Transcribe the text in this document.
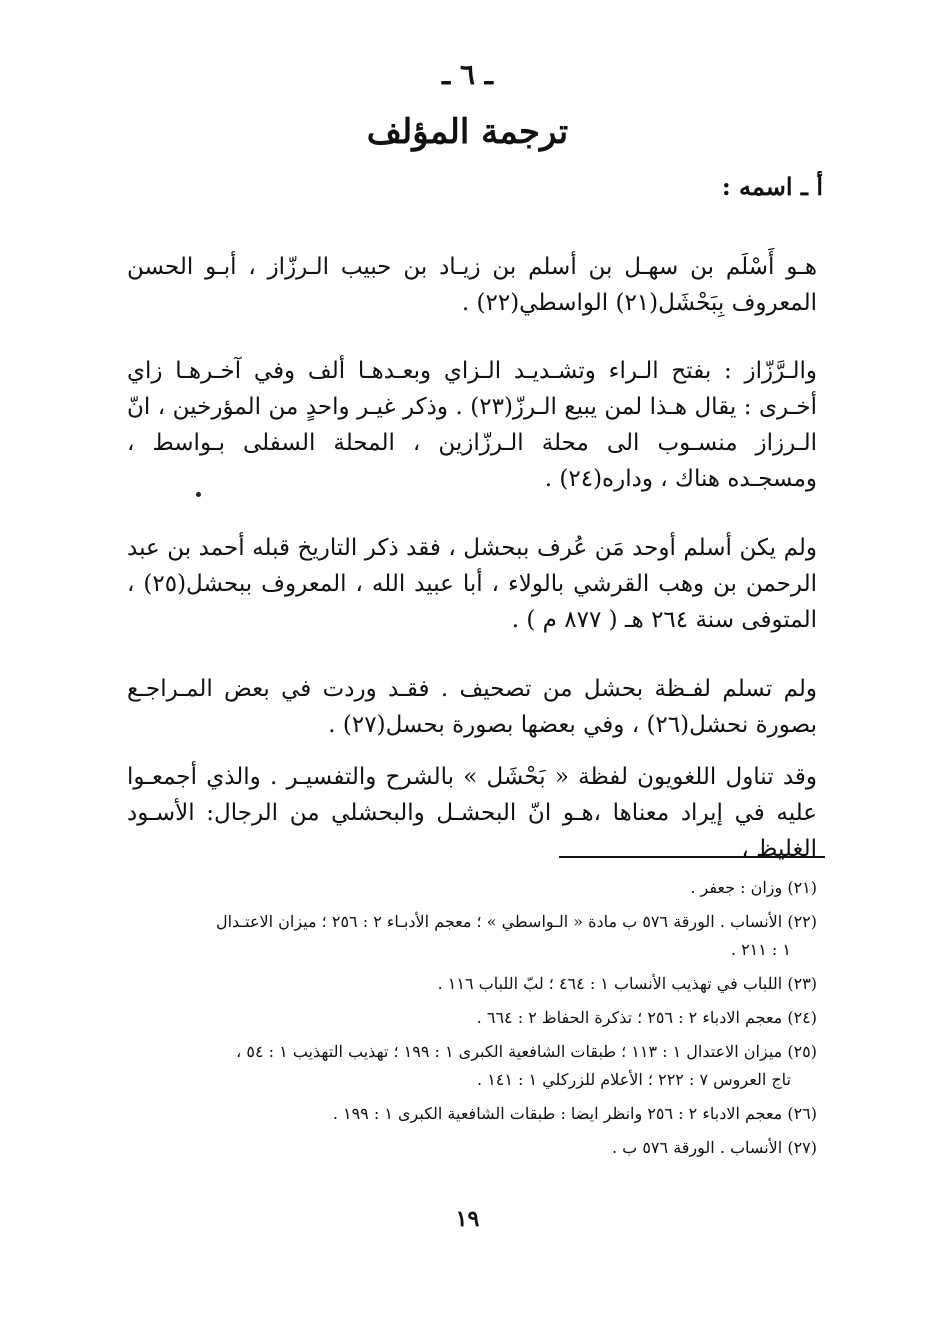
ـ ٦ ـ
ترجمة المؤلف
أ ـ اسمه :

هـو أَسْلَم بن سهـل بن أسلم بن زيـاد بن حبيب الـرزّاز ، أبـو الحسن المعروف بِبَحْشَل(٢١) الواسطي(٢٢) .

والـرَّزّاز : بفتح الـراء وتشـديـد الـزاي وبعـدهـا ألف وفي آخـرهـا زاي أخـرى : يقال هـذا لمن يبيع الـرزّ(٢٣) . وذكر غيـر واحدٍ من المؤرخين ، انّ الـرزاز منسـوب الى محلة الـرزّازين ، المحلة السفلى بـواسط ، ومسجـده هناك ، وداره(٢٤) .

ولم يكن أسلم أوحد مَن عُرف ببحشل ، فقد ذكر التاريخ قبله أحمد بن عبد الرحمن بن وهب القرشي بالولاء ، أبا عبيد الله ، المعروف ببحشل(٢٥) ، المتوفى سنة ٢٦٤ هـ ( ٨٧٧ م ) .

ولم تسلم لفـظة بحشل من تصحيف . فقـد وردت في بعض المـراجـع بصورة نحشل(٢٦) ، وفي بعضها بصورة بحسل(٢٧) .

وقد تناول اللغويون لفظة « بَحْشَل » بالشرح والتفسيـر . والذي أجمعـوا عليه في إيراد معناها ،هـو انّ البحشـل والبحشلي من الرجال: الأسـود الغليظ ،

(٢١) وزان : جعفر .
(٢٢) الأنساب . الورقة ٥٧٦ ب مادة « الـواسطي » ؛ معجم الأدبـاء ٢ : ٢٥٦ ؛ ميزان الاعتـدال
١ : ٢١١ .
(٢٣) اللباب في تهذيب الأنساب ١ : ٤٦٤ ؛ لبّ اللباب ١١٦ .
(٢٤) معجم الادباء ٢ : ٢٥٦ ؛ تذكرة الحفاظ ٢ : ٦٦٤ .
(٢٥) ميزان الاعتدال ١ : ١١٣ ؛ طبقات الشافعية الكبرى ١ : ١٩٩ ؛ تهذيب التهذيب ١ : ٥٤ ،
تاج العروس ٧ : ٢٢٢ ؛ الأعلام للزركلي ١ : ١٤١ .
(٢٦) معجم الادباء ٢ : ٢٥٦ وانظر ايضا : طبقات الشافعية الكبرى ١ : ١٩٩ .
(٢٧) الأنساب . الورقة ٥٧٦ ب .
١٩
